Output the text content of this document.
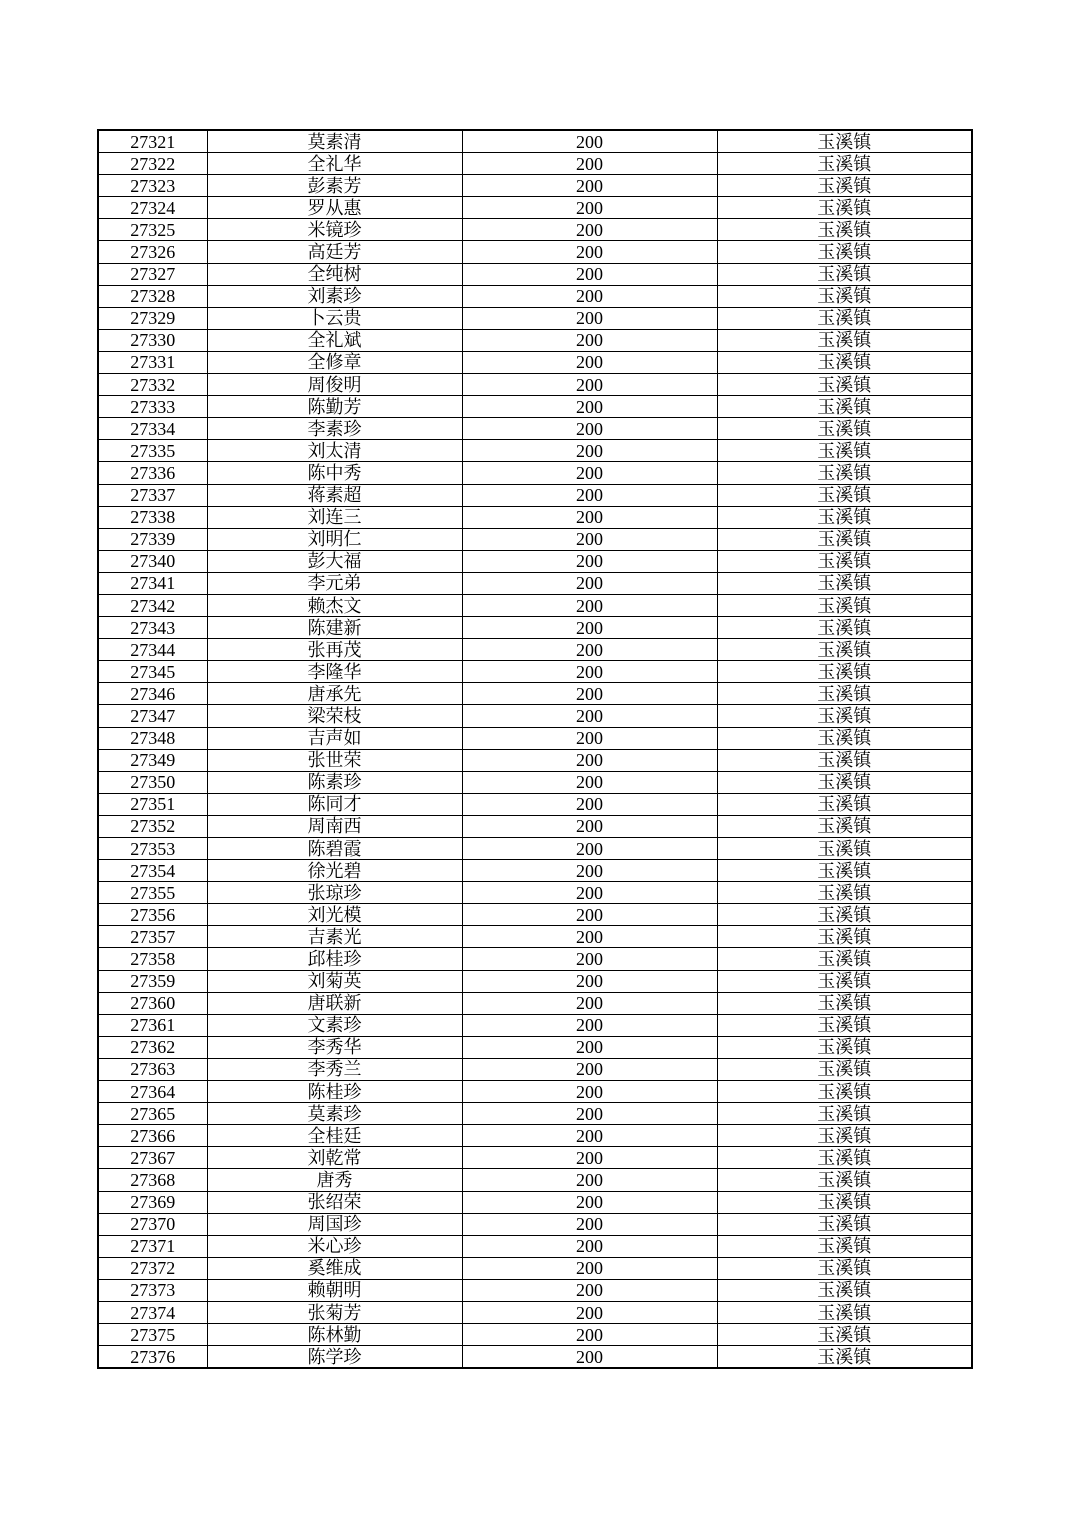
27321	莫素清	200	玉溪镇
27322	全礼华	200	玉溪镇
27323	彭素芳	200	玉溪镇
27324	罗从惠	200	玉溪镇
27325	米镜珍	200	玉溪镇
27326	高廷芳	200	玉溪镇
27327	全纯树	200	玉溪镇
27328	刘素珍	200	玉溪镇
27329	卜云贵	200	玉溪镇
27330	全礼斌	200	玉溪镇
27331	全修章	200	玉溪镇
27332	周俊明	200	玉溪镇
27333	陈勤芳	200	玉溪镇
27334	李素珍	200	玉溪镇
27335	刘太清	200	玉溪镇
27336	陈中秀	200	玉溪镇
27337	蒋素超	200	玉溪镇
27338	刘连三	200	玉溪镇
27339	刘明仁	200	玉溪镇
27340	彭大福	200	玉溪镇
27341	李元弟	200	玉溪镇
27342	赖杰文	200	玉溪镇
27343	陈建新	200	玉溪镇
27344	张再茂	200	玉溪镇
27345	李隆华	200	玉溪镇
27346	唐承先	200	玉溪镇
27347	梁荣枝	200	玉溪镇
27348	吉声如	200	玉溪镇
27349	张世荣	200	玉溪镇
27350	陈素珍	200	玉溪镇
27351	陈同才	200	玉溪镇
27352	周南西	200	玉溪镇
27353	陈碧霞	200	玉溪镇
27354	徐光碧	200	玉溪镇
27355	张琼珍	200	玉溪镇
27356	刘光模	200	玉溪镇
27357	吉素光	200	玉溪镇
27358	邱桂珍	200	玉溪镇
27359	刘菊英	200	玉溪镇
27360	唐联新	200	玉溪镇
27361	文素珍	200	玉溪镇
27362	李秀华	200	玉溪镇
27363	李秀兰	200	玉溪镇
27364	陈桂珍	200	玉溪镇
27365	莫素珍	200	玉溪镇
27366	全桂廷	200	玉溪镇
27367	刘乾常	200	玉溪镇
27368	唐秀	200	玉溪镇
27369	张绍荣	200	玉溪镇
27370	周国珍	200	玉溪镇
27371	米心珍	200	玉溪镇
27372	奚维成	200	玉溪镇
27373	赖朝明	200	玉溪镇
27374	张菊芳	200	玉溪镇
27375	陈林勤	200	玉溪镇
27376	陈学珍	200	玉溪镇
